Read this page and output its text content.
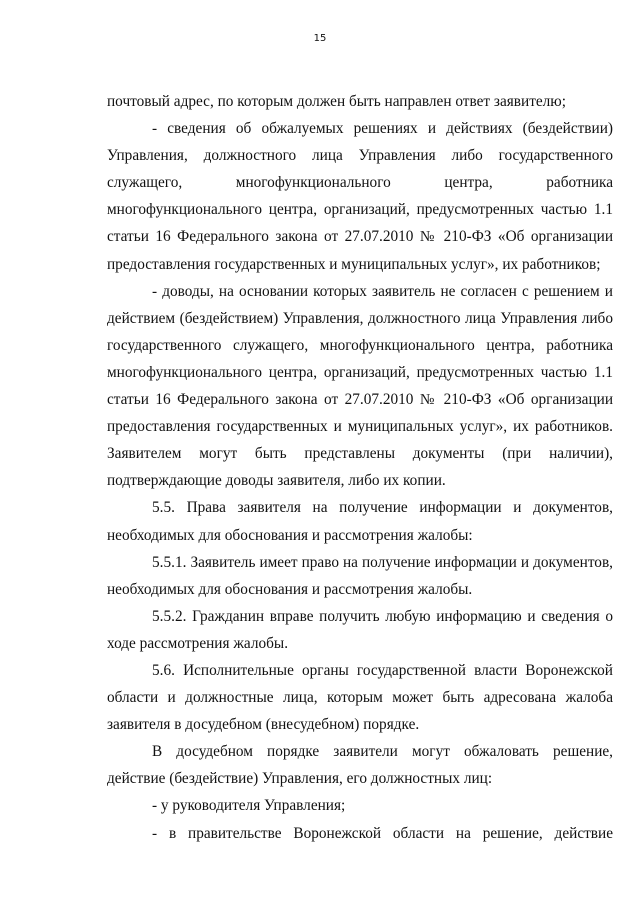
15

почтовый адрес, по которым должен быть направлен ответ заявителю;

- сведения об обжалуемых решениях и действиях (бездействии) Управления, должностного лица Управления либо государственного служащего, многофункционального центра, работника многофункционального центра, организаций, предусмотренных частью 1.1 статьи 16 Федерального закона от 27.07.2010 № 210-ФЗ «Об организации предоставления государственных и муниципальных услуг», их работников;

- доводы, на основании которых заявитель не согласен с решением и действием (бездействием) Управления, должностного лица Управления либо государственного служащего, многофункционального центра, работника многофункционального центра, организаций, предусмотренных частью 1.1 статьи 16 Федерального закона от 27.07.2010 № 210-ФЗ «Об организации предоставления государственных и муниципальных услуг», их работников. Заявителем могут быть представлены документы (при наличии), подтверждающие доводы заявителя, либо их копии.

5.5. Права заявителя на получение информации и документов, необходимых для обоснования и рассмотрения жалобы:

5.5.1. Заявитель имеет право на получение информации и документов, необходимых для обоснования и рассмотрения жалобы.

5.5.2. Гражданин вправе получить любую информацию и сведения о ходе рассмотрения жалобы.

5.6. Исполнительные органы государственной власти Воронежской области и должностные лица, которым может быть адресована жалоба заявителя в досудебном (внесудебном) порядке.

В досудебном порядке заявители могут обжаловать решение, действие (бездействие) Управления, его должностных лиц:

- у руководителя Управления;

- в правительстве Воронежской области на решение, действие
